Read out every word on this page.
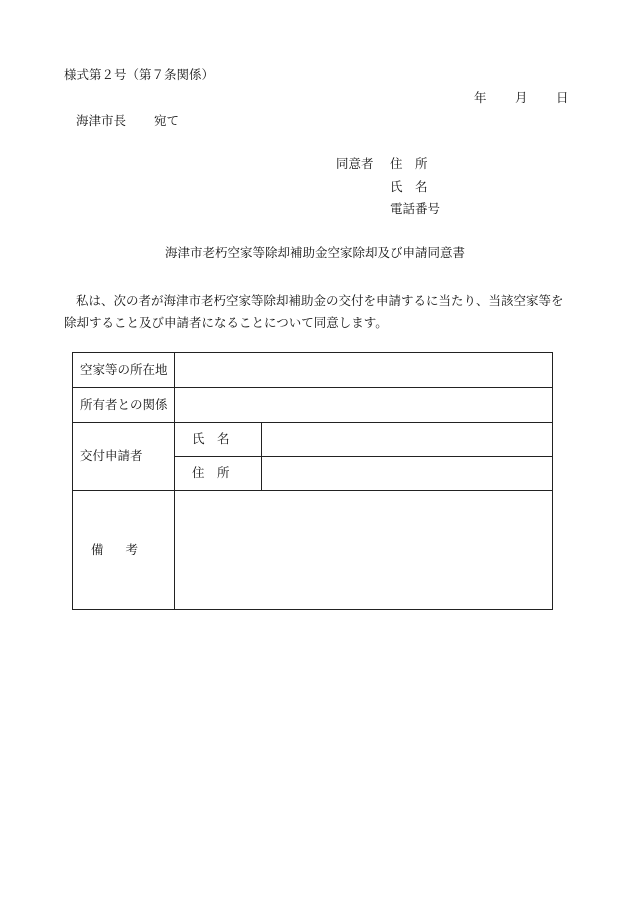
様式第２号（第７条関係）
年 月 日
海津市長 宛て
同意者 住　所
氏　名
電話番号
海津市老朽空家等除却補助金空家除却及び申請同意書
私は、次の者が海津市老朽空家等除却補助金の交付を申請するに当たり、当該空家等を除却すること及び申請者になることについて同意します。
空家等の所在地		
所有者との関係		
交付申請者	氏　名	
	住　所	
備 考		
